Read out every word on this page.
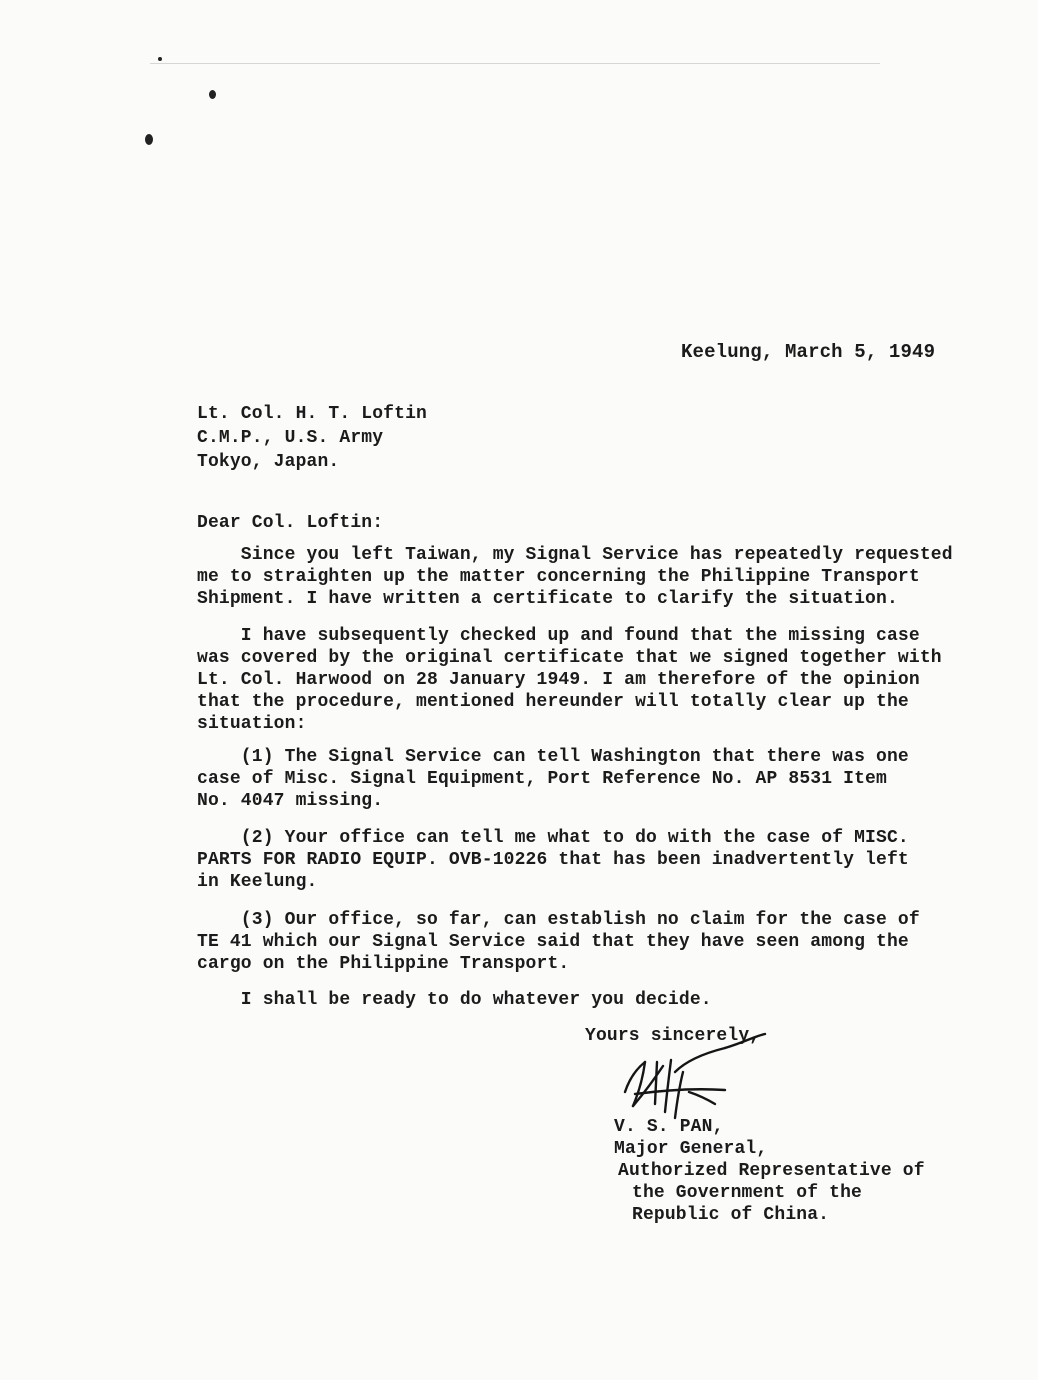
Keelung, March 5, 1949
Lt. Col. H. T. Loftin
C.M.P., U.S. Army
Tokyo, Japan.
Dear Col. Loftin:
Since you left Taiwan, my Signal Service has repeatedly requested
me to straighten up the matter concerning the Philippine Transport
Shipment. I have written a certificate to clarify the situation.
I have subsequently checked up and found that the missing case
was covered by the original certificate that we signed together with
Lt. Col. Harwood on 28 January 1949. I am therefore of the opinion
that the procedure, mentioned hereunder will totally clear up the
situation:
(1) The Signal Service can tell Washington that there was one
case of Misc. Signal Equipment, Port Reference No. AP 8531 Item
No. 4047 missing.
(2) Your office can tell me what to do with the case of MISC.
PARTS FOR RADIO EQUIP. OVB-10226 that has been inadvertently left
in Keelung.
(3) Our office, so far, can establish no claim for the case of
TE 41 which our Signal Service said that they have seen among the
cargo on the Philippine Transport.
I shall be ready to do whatever you decide.
Yours sincerely,
V. S. PAN,
Major General,
Authorized Representative of
the Government of the
Republic of China.
